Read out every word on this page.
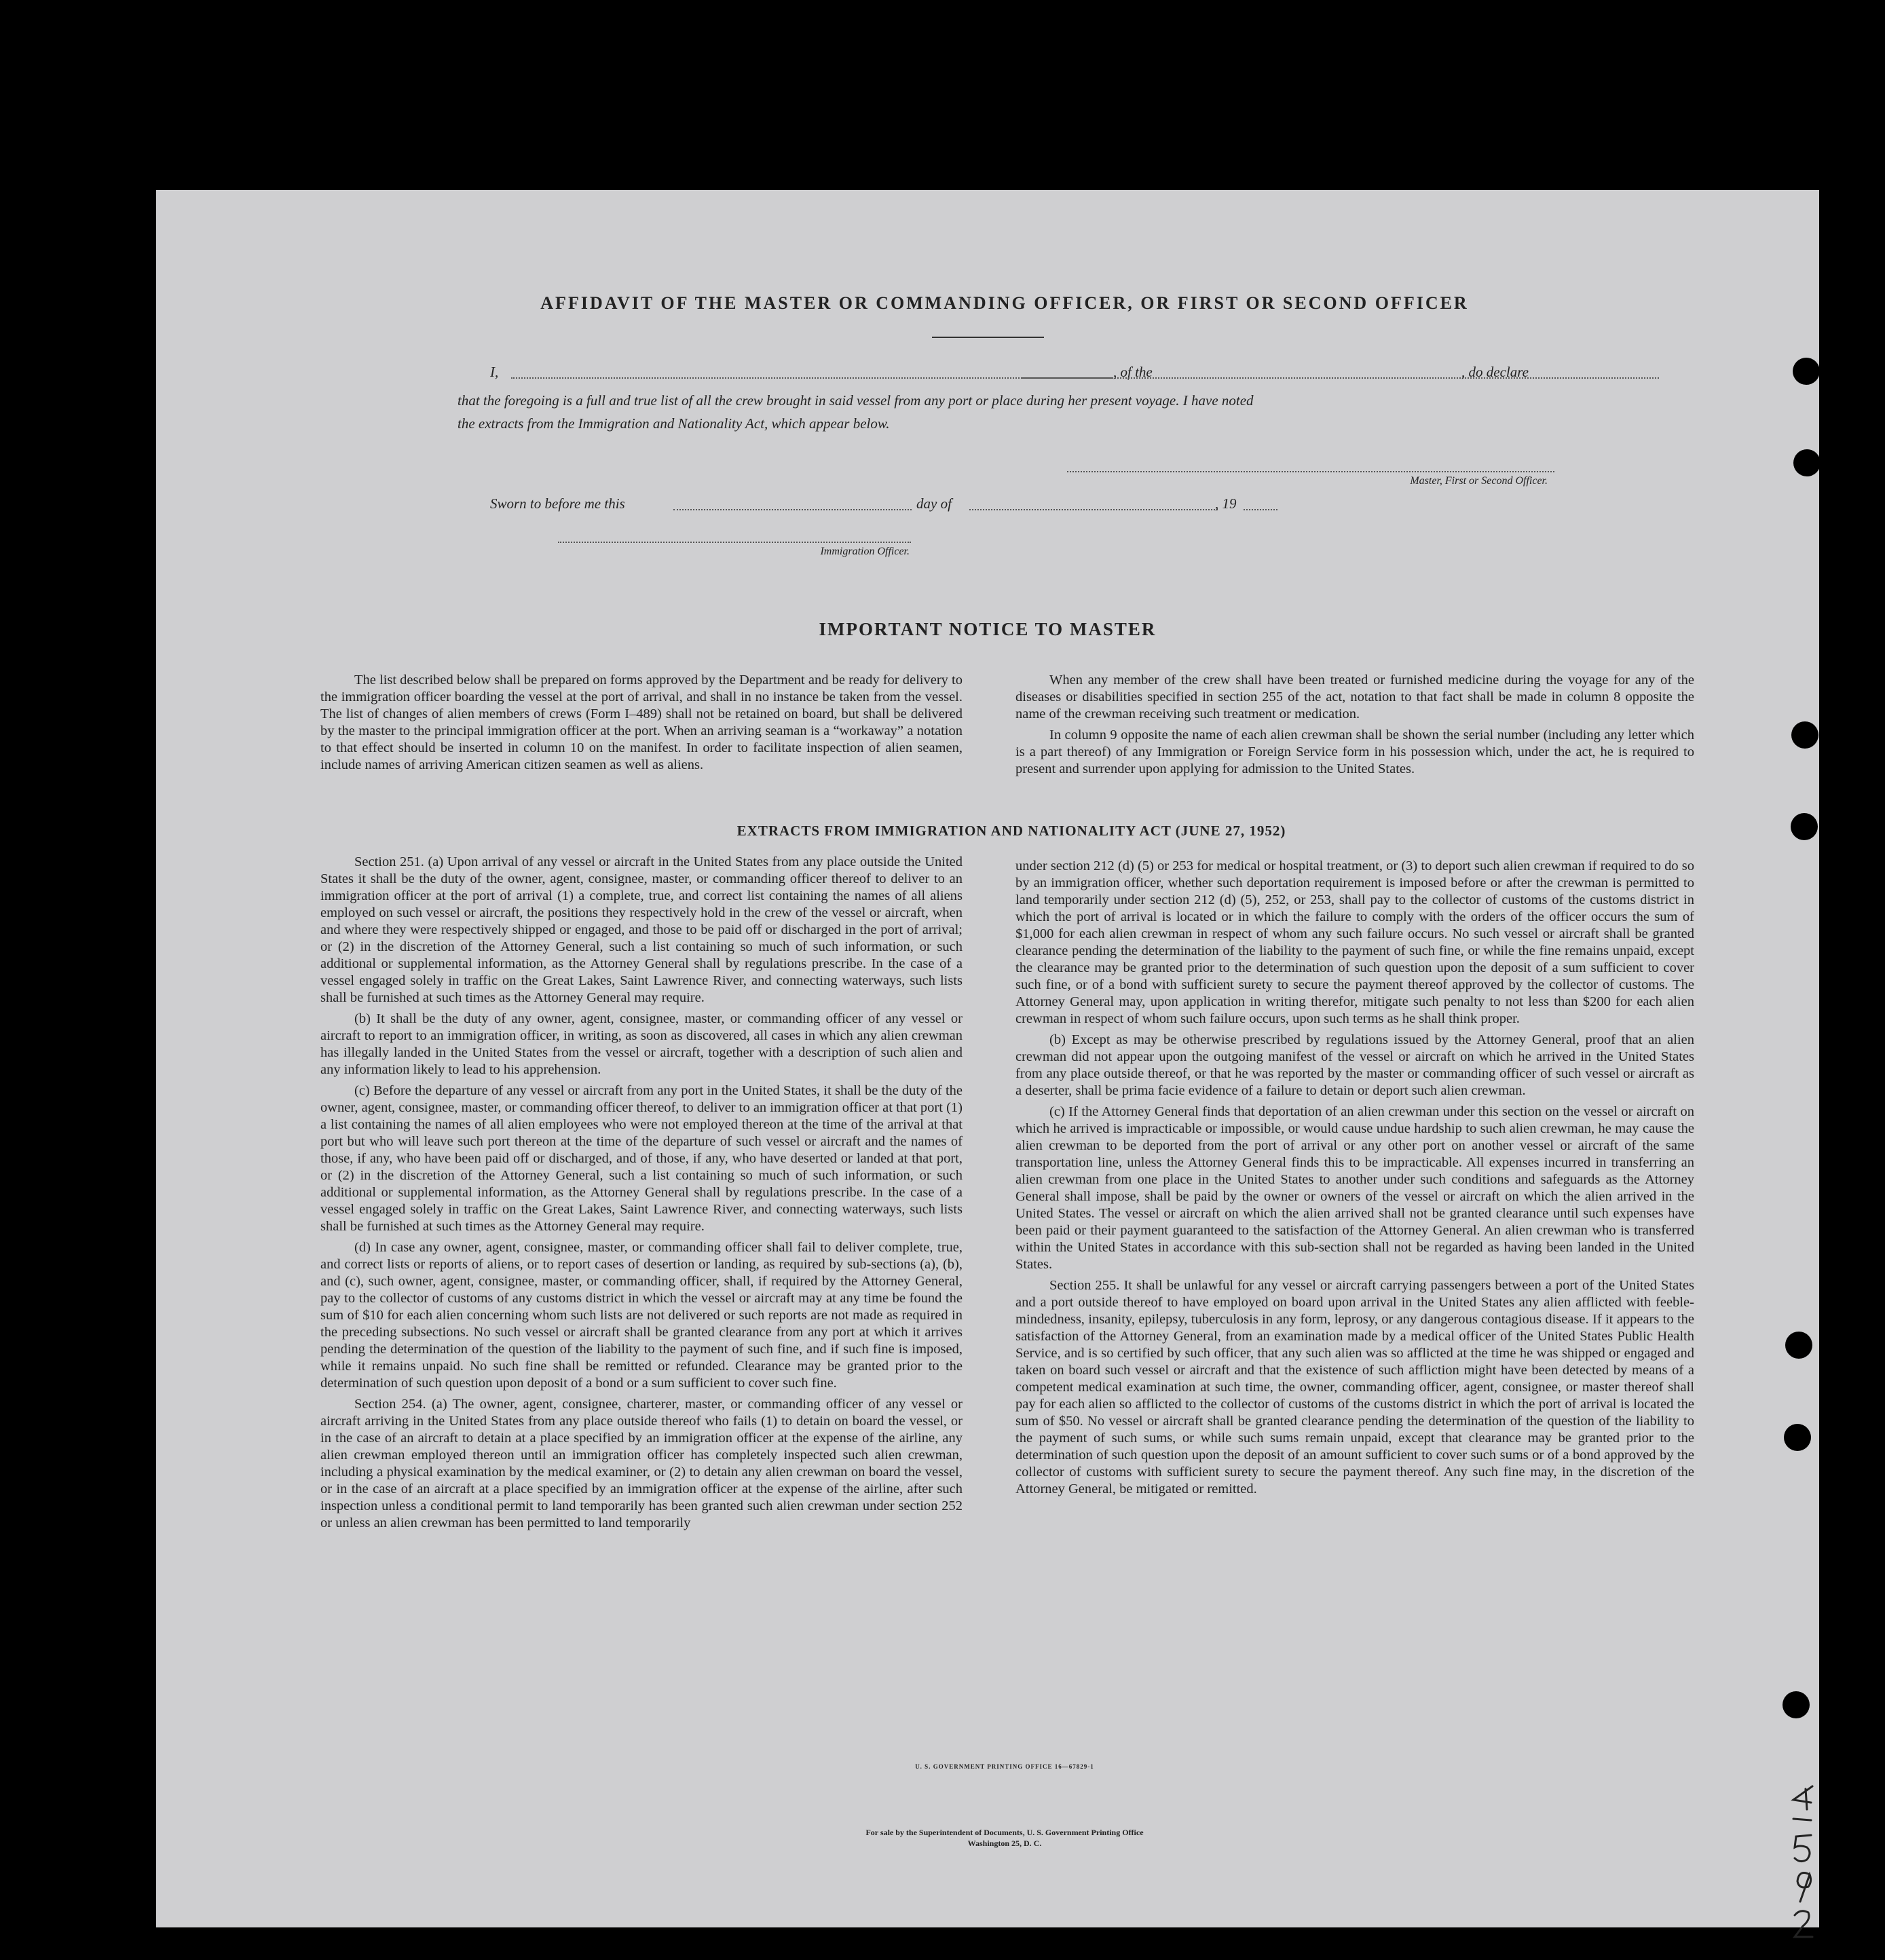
AFFIDAVIT OF THE MASTER OR COMMANDING OFFICER, OR FIRST OR SECOND OFFICER
I,	, of the	, do declare
that the foregoing is a full and true list of all the crew brought in said vessel from any port or place during her present voyage. I have noted
the extracts from the Immigration and Nationality Act, which appear below.
Master, First or Second Officer.
Sworn to before me this	day of	, 19
Immigration Officer.
IMPORTANT NOTICE TO MASTER

The list described below shall be prepared on forms approved by the Department and be ready for delivery to the immigration officer boarding the vessel at the port of arrival, and shall in no instance be taken from the vessel. The list of changes of alien members of crews (Form I–489) shall not be retained on board, but shall be delivered by the master to the principal immigration officer at the port. When an arriving seaman is a “workaway” a notation to that effect should be inserted in column 10 on the manifest. In order to facilitate inspection of alien seamen, include names of arriving American citizen seamen as well as aliens.

When any member of the crew shall have been treated or furnished medicine during the voyage for any of the diseases or disabilities specified in section 255 of the act, notation to that fact shall be made in column 8 opposite the name of the crewman receiving such treatment or medication.

In column 9 opposite the name of each alien crewman shall be shown the serial number (including any letter which is a part thereof) of any Immigration or Foreign Service form in his possession which, under the act, he is required to present and surrender upon applying for admission to the United States.

EXTRACTS FROM IMMIGRATION AND NATIONALITY ACT (JUNE 27, 1952)

Section 251. (a) Upon arrival of any vessel or aircraft in the United States from any place outside the United States it shall be the duty of the owner, agent, consignee, master, or commanding officer thereof to deliver to an immigration officer at the port of arrival (1) a complete, true, and correct list containing the names of all aliens employed on such vessel or aircraft, the positions they respectively hold in the crew of the vessel or aircraft, when and where they were respectively shipped or engaged, and those to be paid off or discharged in the port of arrival; or (2) in the discretion of the Attorney General, such a list containing so much of such information, or such additional or supplemental information, as the Attorney General shall by regulations prescribe. In the case of a vessel engaged solely in traffic on the Great Lakes, Saint Lawrence River, and connecting waterways, such lists shall be furnished at such times as the Attorney General may require.

(b) It shall be the duty of any owner, agent, consignee, master, or commanding officer of any vessel or aircraft to report to an immigration officer, in writing, as soon as discovered, all cases in which any alien crewman has illegally landed in the United States from the vessel or aircraft, together with a description of such alien and any information likely to lead to his apprehension.

(c) Before the departure of any vessel or aircraft from any port in the United States, it shall be the duty of the owner, agent, consignee, master, or commanding officer thereof, to deliver to an immigration officer at that port (1) a list containing the names of all alien employees who were not employed thereon at the time of the arrival at that port but who will leave such port thereon at the time of the departure of such vessel or aircraft and the names of those, if any, who have been paid off or discharged, and of those, if any, who have deserted or landed at that port, or (2) in the discretion of the Attorney General, such a list containing so much of such information, or such additional or supplemental information, as the Attorney General shall by regulations prescribe. In the case of a vessel engaged solely in traffic on the Great Lakes, Saint Lawrence River, and connecting waterways, such lists shall be furnished at such times as the Attorney General may require.

(d) In case any owner, agent, consignee, master, or commanding officer shall fail to deliver complete, true, and correct lists or reports of aliens, or to report cases of desertion or landing, as required by sub-sections (a), (b), and (c), such owner, agent, consignee, master, or commanding officer, shall, if required by the Attorney General, pay to the collector of customs of any customs district in which the vessel or aircraft may at any time be found the sum of $10 for each alien concerning whom such lists are not delivered or such reports are not made as required in the preceding subsections. No such vessel or aircraft shall be granted clearance from any port at which it arrives pending the determination of the question of the liability to the payment of such fine, and if such fine is imposed, while it remains unpaid. No such fine shall be remitted or refunded. Clearance may be granted prior to the determination of such question upon deposit of a bond or a sum sufficient to cover such fine.

Section 254. (a) The owner, agent, consignee, charterer, master, or commanding officer of any vessel or aircraft arriving in the United States from any place outside thereof who fails (1) to detain on board the vessel, or in the case of an aircraft to detain at a place specified by an immigration officer at the expense of the airline, any alien crewman employed thereon until an immigration officer has completely inspected such alien crewman, including a physical examination by the medical examiner, or (2) to detain any alien crewman on board the vessel, or in the case of an aircraft at a place specified by an immigration officer at the expense of the airline, after such inspection unless a conditional permit to land temporarily has been granted such alien crewman under section 252 or unless an alien crewman has been permitted to land temporarily

under section 212 (d) (5) or 253 for medical or hospital treatment, or (3) to deport such alien crewman if required to do so by an immigration officer, whether such deportation requirement is imposed before or after the crewman is permitted to land temporarily under section 212 (d) (5), 252, or 253, shall pay to the collector of customs of the customs district in which the port of arrival is located or in which the failure to comply with the orders of the officer occurs the sum of $1,000 for each alien crewman in respect of whom any such failure occurs. No such vessel or aircraft shall be granted clearance pending the determination of the liability to the payment of such fine, or while the fine remains unpaid, except the clearance may be granted prior to the determination of such question upon the deposit of a sum sufficient to cover such fine, or of a bond with sufficient surety to secure the payment thereof approved by the collector of customs. The Attorney General may, upon application in writing therefor, mitigate such penalty to not less than $200 for each alien crewman in respect of whom such failure occurs, upon such terms as he shall think proper.

(b) Except as may be otherwise prescribed by regulations issued by the Attorney General, proof that an alien crewman did not appear upon the outgoing manifest of the vessel or aircraft on which he arrived in the United States from any place outside thereof, or that he was reported by the master or commanding officer of such vessel or aircraft as a deserter, shall be prima facie evidence of a failure to detain or deport such alien crewman.

(c) If the Attorney General finds that deportation of an alien crewman under this section on the vessel or aircraft on which he arrived is impracticable or impossible, or would cause undue hardship to such alien crewman, he may cause the alien crewman to be deported from the port of arrival or any other port on another vessel or aircraft of the same transportation line, unless the Attorney General finds this to be impracticable. All expenses incurred in transferring an alien crewman from one place in the United States to another under such conditions and safeguards as the Attorney General shall impose, shall be paid by the owner or owners of the vessel or aircraft on which the alien arrived in the United States. The vessel or aircraft on which the alien arrived shall not be granted clearance until such expenses have been paid or their payment guaranteed to the satisfaction of the Attorney General. An alien crewman who is transferred within the United States in accordance with this sub-section shall not be regarded as having been landed in the United States.

Section 255. It shall be unlawful for any vessel or aircraft carrying passengers between a port of the United States and a port outside thereof to have employed on board upon arrival in the United States any alien afflicted with feeble-mindedness, insanity, epilepsy, tuberculosis in any form, leprosy, or any dangerous contagious disease. If it appears to the satisfaction of the Attorney General, from an examination made by a medical officer of the United States Public Health Service, and is so certified by such officer, that any such alien was so afflicted at the time he was shipped or engaged and taken on board such vessel or aircraft and that the existence of such affliction might have been detected by means of a competent medical examination at such time, the owner, commanding officer, agent, consignee, or master thereof shall pay for each alien so afflicted to the collector of customs of the customs district in which the port of arrival is located the sum of $50. No vessel or aircraft shall be granted clearance pending the determination of the question of the liability to the payment of such sums, or while such sums remain unpaid, except that clearance may be granted prior to the determination of such question upon the deposit of an amount sufficient to cover such sums or of a bond approved by the collector of customs with sufficient surety to secure the payment thereof. Any such fine may, in the discretion of the Attorney General, be mitigated or remitted.

U. S. GOVERNMENT PRINTING OFFICE 16—67829-1
For sale by the Superintendent of Documents, U. S. Government Printing Office
Washington 25, D. C.
